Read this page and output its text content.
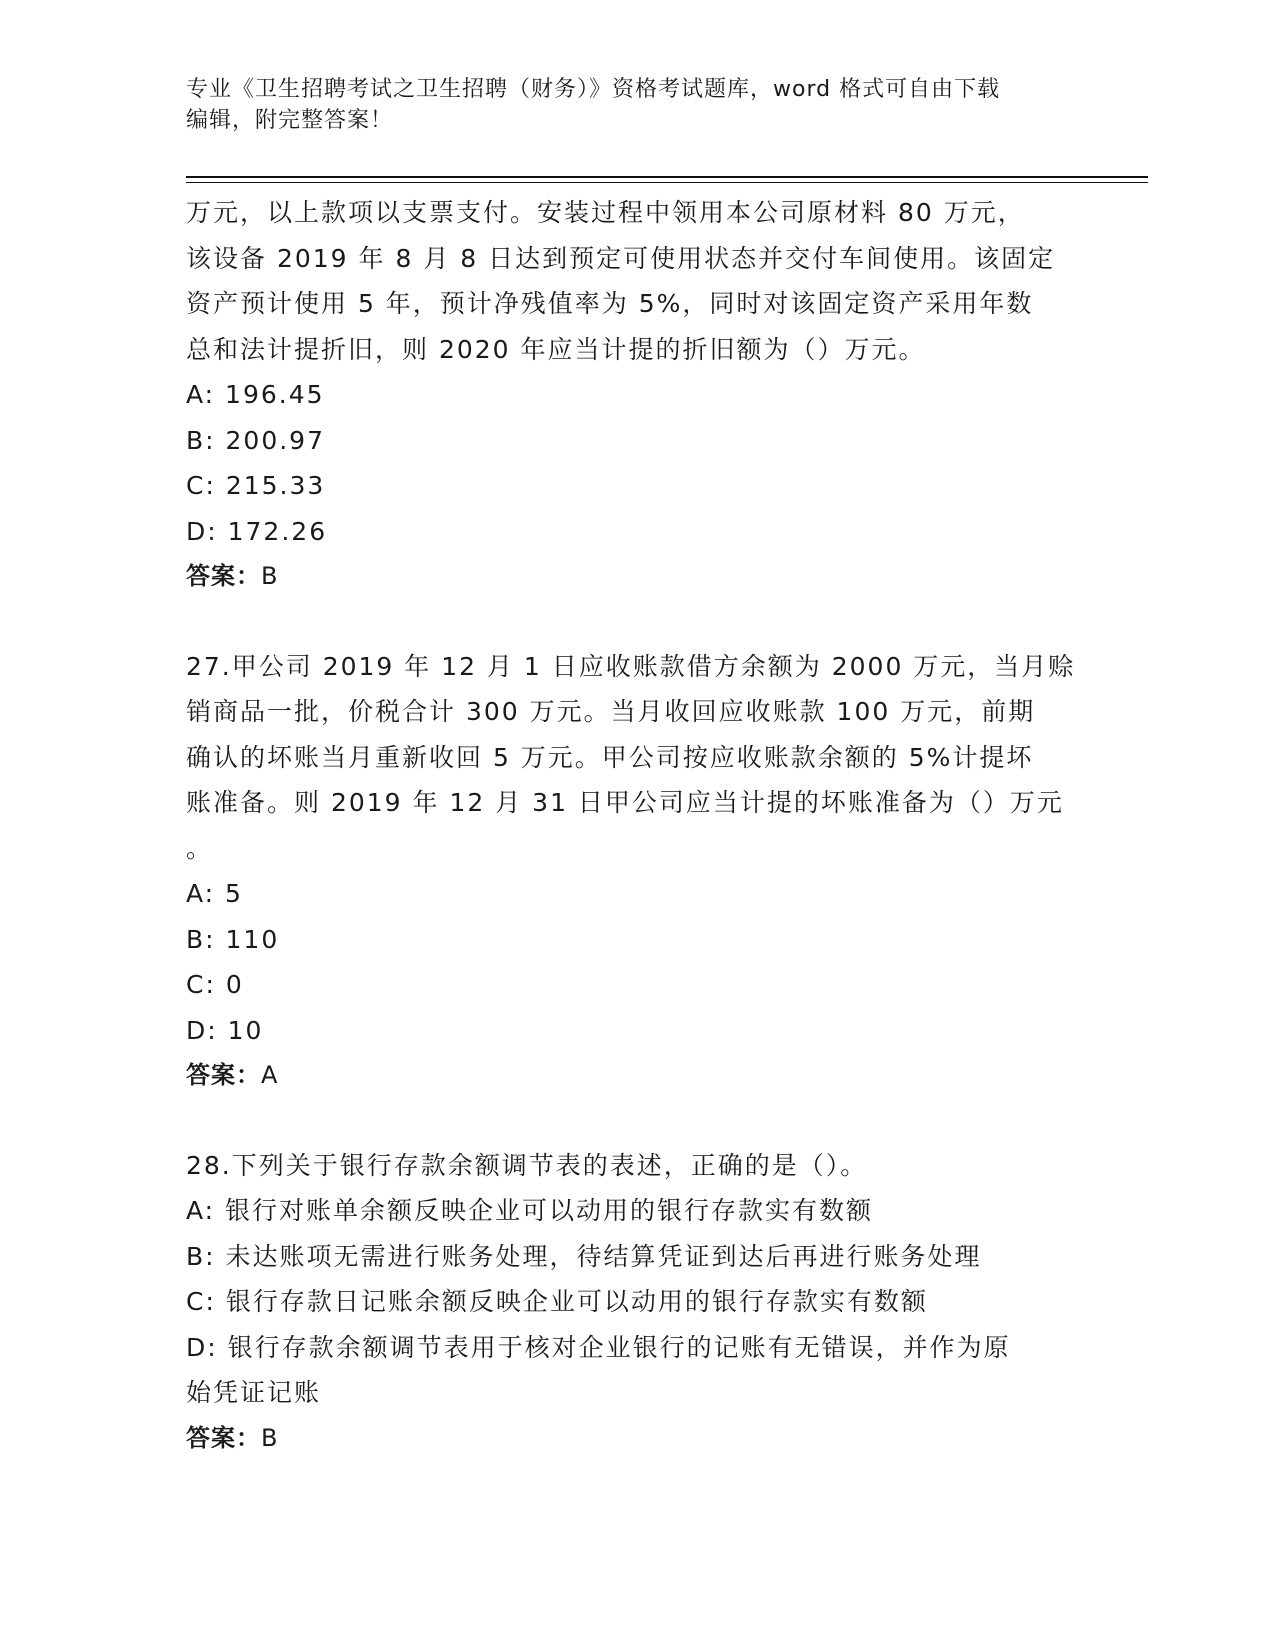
专业《卫生招聘考试之卫生招聘（财务）》资格考试题库，word 格式可自由下载
编辑，附完整答案！
万元，以上款项以支票支付。安装过程中领用本公司原材料 80 万元，
该设备 2019 年 8 月 8 日达到预定可使用状态并交付车间使用。该固定
资产预计使用 5 年，预计净残值率为 5%，同时对该固定资产采用年数
总和法计提折旧，则 2020 年应当计提的折旧额为（）万元。
A: 196.45
B: 200.97
C: 215.33
D: 172.26
答案：B
27.甲公司 2019 年 12 月 1 日应收账款借方余额为 2000 万元，当月赊
销商品一批，价税合计 300 万元。当月收回应收账款 100 万元，前期
确认的坏账当月重新收回 5 万元。甲公司按应收账款余额的 5%计提坏
账准备。则 2019 年 12 月 31 日甲公司应当计提的坏账准备为（）万元
。
A: 5
B: 110
C: 0
D: 10
答案：A
28.下列关于银行存款余额调节表的表述，正确的是（）。
A: 银行对账单余额反映企业可以动用的银行存款实有数额
B: 未达账项无需进行账务处理，待结算凭证到达后再进行账务处理
C: 银行存款日记账余额反映企业可以动用的银行存款实有数额
D: 银行存款余额调节表用于核对企业银行的记账有无错误，并作为原
始凭证记账
答案：B
